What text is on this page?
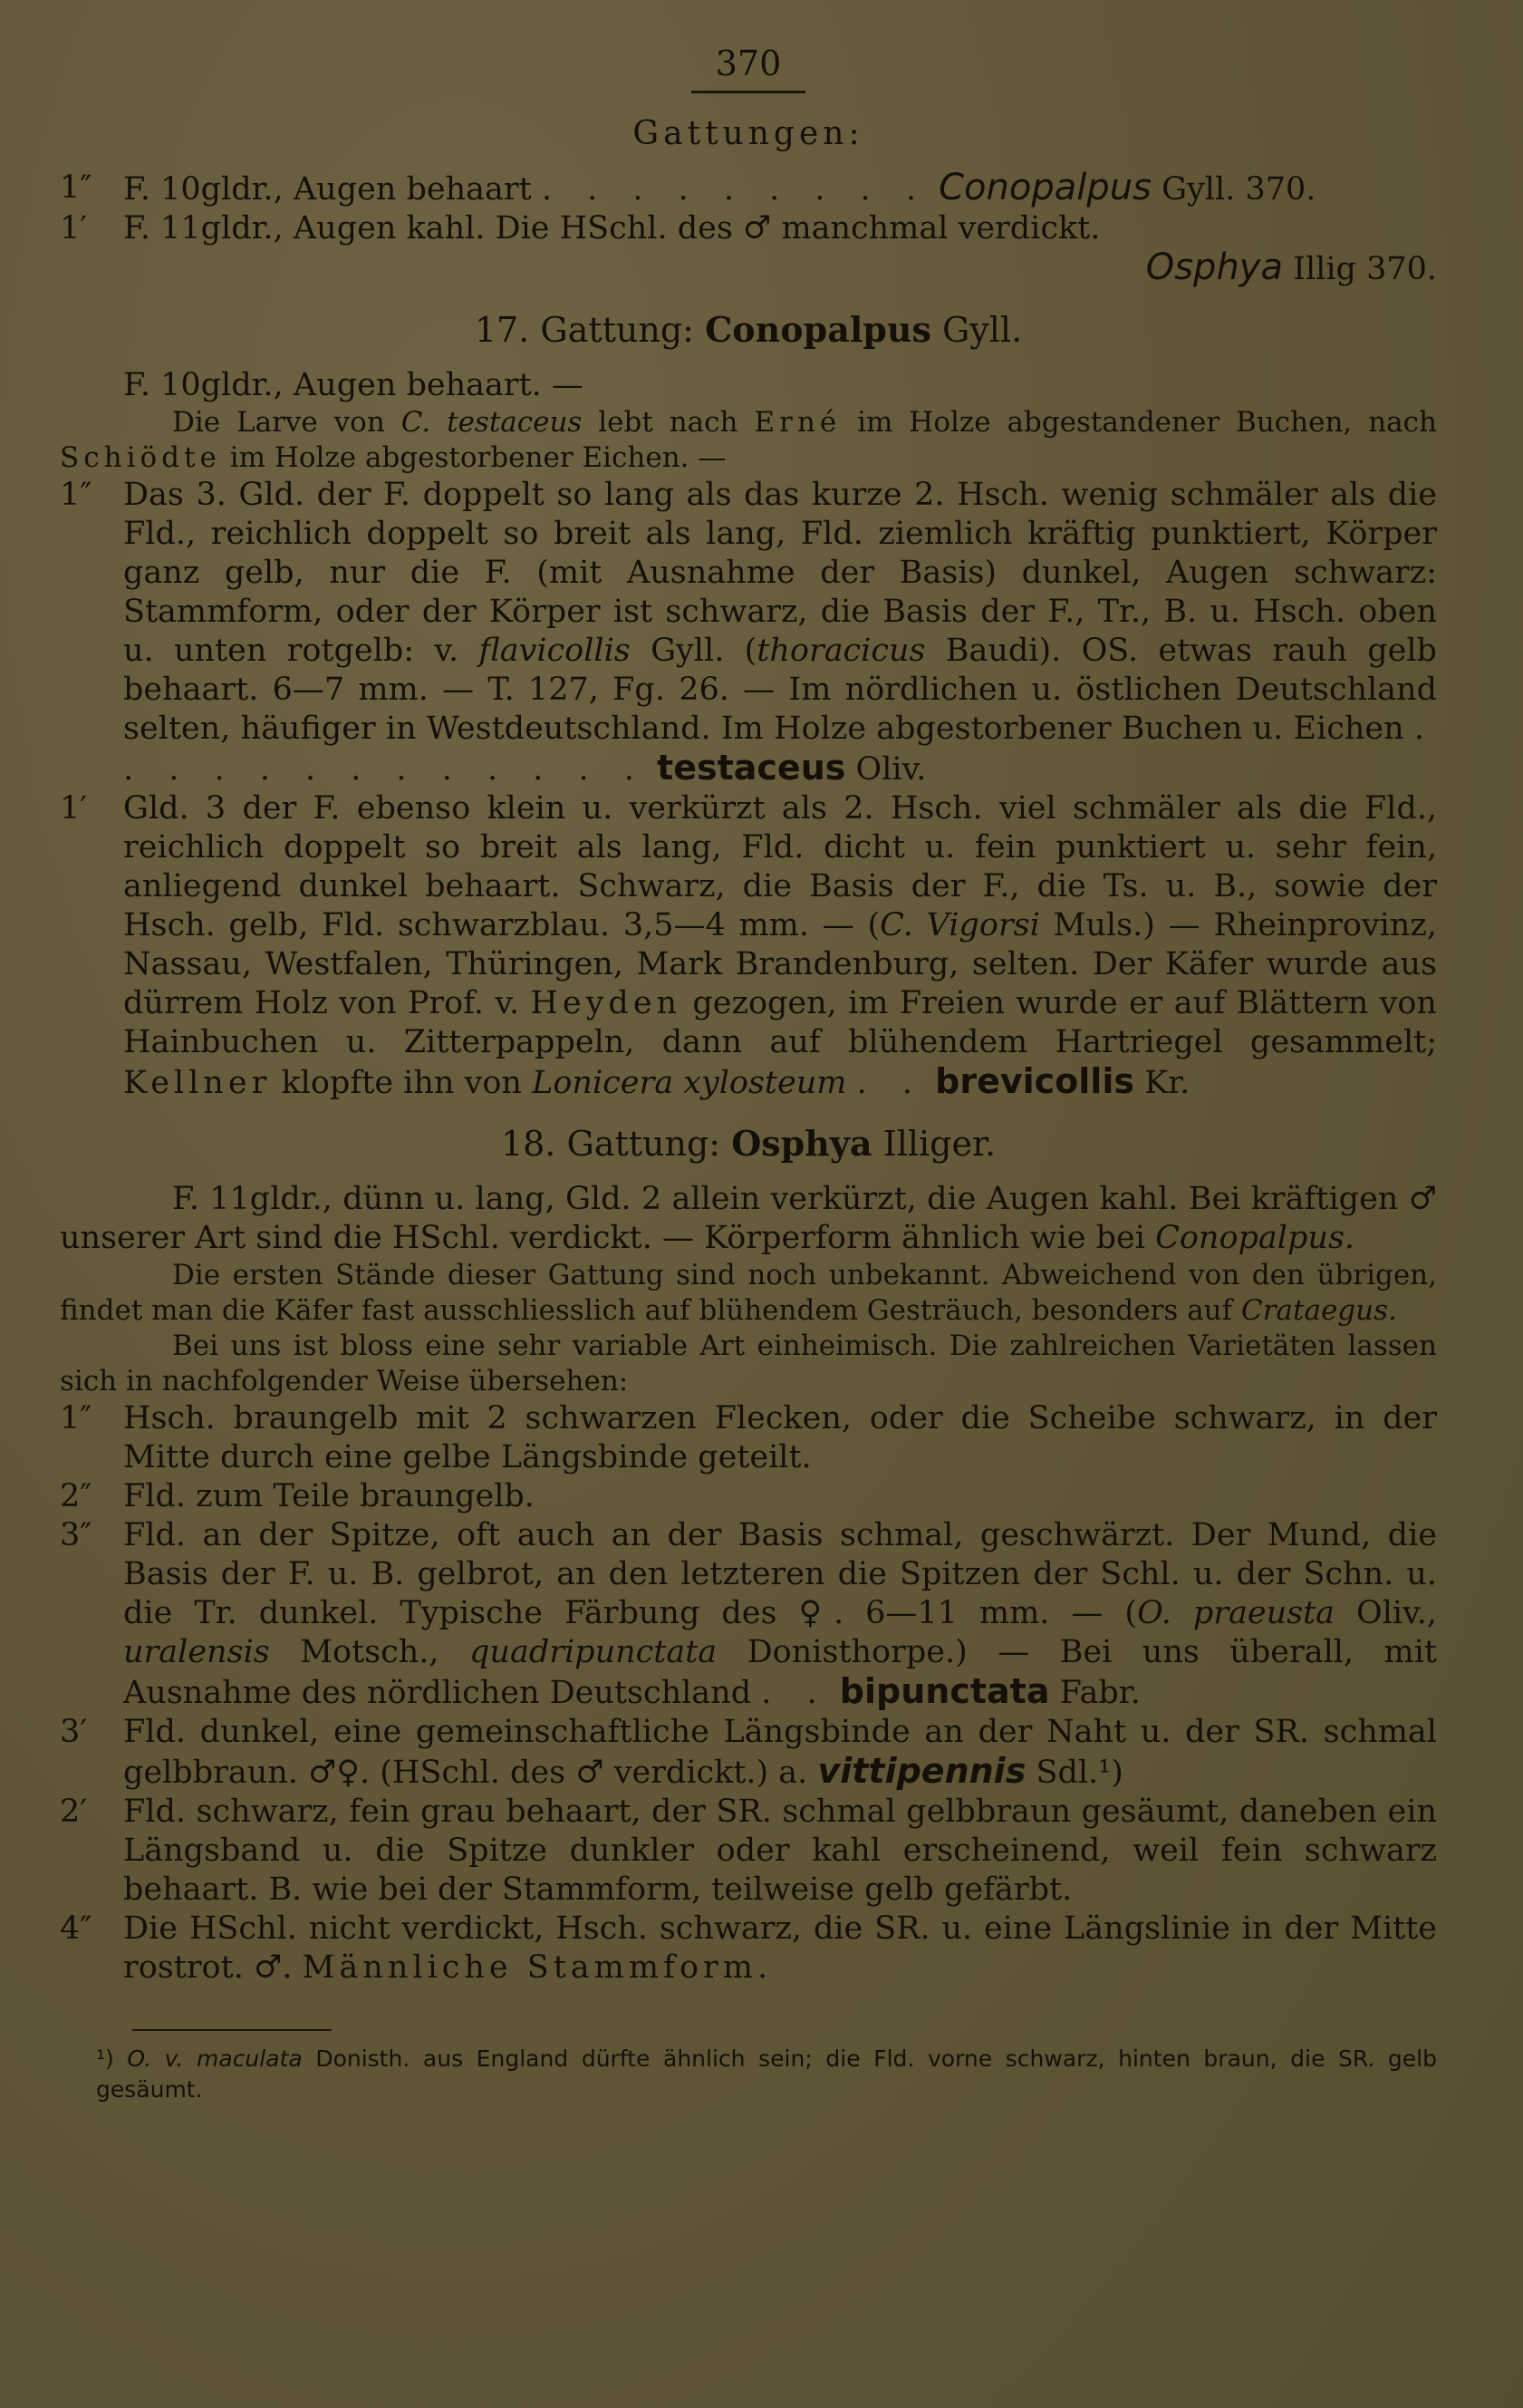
370
Gattungen:

1″ F. 10gldr., Augen behaart . . . . . . . . . Conopalpus Gyll. 370.

1′ F. 11gldr., Augen kahl. Die HSchl. des ♂ manchmal verdickt.

Osphya Illig 370.

17. Gattung: Conopalpus Gyll.

F. 10gldr., Augen behaart. —

Die Larve von C. testaceus lebt nach Erné im Holze abgestandener Buchen, nach Schiödte im Holze abgestorbener Eichen. —

1″ Das 3. Gld. der F. doppelt so lang als das kurze 2. Hsch. wenig schmäler als die Fld., reichlich doppelt so breit als lang, Fld. ziemlich kräftig punktiert, Körper ganz gelb, nur die F. (mit Ausnahme der Basis) dunkel, Augen schwarz: Stammform, oder der Körper ist schwarz, die Basis der F., Tr., B. u. Hsch. oben u. unten rotgelb: v. flavicollis Gyll. (thoracicus Baudi). OS. etwas rauh gelb behaart. 6—7 mm. — T. 127, Fg. 26. — Im nördlichen u. östlichen Deutschland selten, häufiger in Westdeutschland. Im Holze abgestorbener Buchen u. Eichen . . . . . . . . . . . . . testaceus Oliv.

1′ Gld. 3 der F. ebenso klein u. verkürzt als 2. Hsch. viel schmäler als die Fld., reichlich doppelt so breit als lang, Fld. dicht u. fein punktiert u. sehr fein, anliegend dunkel behaart. Schwarz, die Basis der F., die Ts. u. B., sowie der Hsch. gelb, Fld. schwarzblau. 3,5—4 mm. — (C. Vigorsi Muls.) — Rheinprovinz, Nassau, Westfalen, Thüringen, Mark Brandenburg, selten. Der Käfer wurde aus dürrem Holz von Prof. v. Heyden gezogen, im Freien wurde er auf Blättern von Hainbuchen u. Zitterpappeln, dann auf blühendem Hartriegel gesammelt; Kellner klopfte ihn von Lonicera xylosteum . . brevicollis Kr.

18. Gattung: Osphya Illiger.

F. 11gldr., dünn u. lang, Gld. 2 allein verkürzt, die Augen kahl. Bei kräftigen ♂ unserer Art sind die HSchl. verdickt. — Körperform ähnlich wie bei Conopalpus.

Die ersten Stände dieser Gattung sind noch unbekannt. Abweichend von den übrigen, findet man die Käfer fast ausschliesslich auf blühendem Gesträuch, besonders auf Crataegus.

Bei uns ist bloss eine sehr variable Art einheimisch. Die zahlreichen Varietäten lassen sich in nachfolgender Weise übersehen:

1″ Hsch. braungelb mit 2 schwarzen Flecken, oder die Scheibe schwarz, in der Mitte durch eine gelbe Längsbinde geteilt.

2″ Fld. zum Teile braungelb.

3″ Fld. an der Spitze, oft auch an der Basis schmal, geschwärzt. Der Mund, die Basis der F. u. B. gelbrot, an den letzteren die Spitzen der Schl. u. der Schn. u. die Tr. dunkel. Typische Färbung des ♀. 6—11 mm. — (O. praeusta Oliv., uralensis Motsch., quadripunctata Donisthorpe.) — Bei uns überall, mit Ausnahme des nördlichen Deutschland . . bipunctata Fabr.

3′ Fld. dunkel, eine gemeinschaftliche Längsbinde an der Naht u. der SR. schmal gelbbraun. ♂♀. (HSchl. des ♂ verdickt.) a. vittipennis Sdl.¹)

2′ Fld. schwarz, fein grau behaart, der SR. schmal gelbbraun gesäumt, daneben ein Längsband u. die Spitze dunkler oder kahl erscheinend, weil fein schwarz behaart. B. wie bei der Stammform, teilweise gelb gefärbt.

4″ Die HSchl. nicht verdickt, Hsch. schwarz, die SR. u. eine Längslinie in der Mitte rostrot. ♂. Männliche Stammform.

¹) O. v. maculata Donisth. aus England dürfte ähnlich sein; die Fld. vorne schwarz, hinten braun, die SR. gelb gesäumt.
